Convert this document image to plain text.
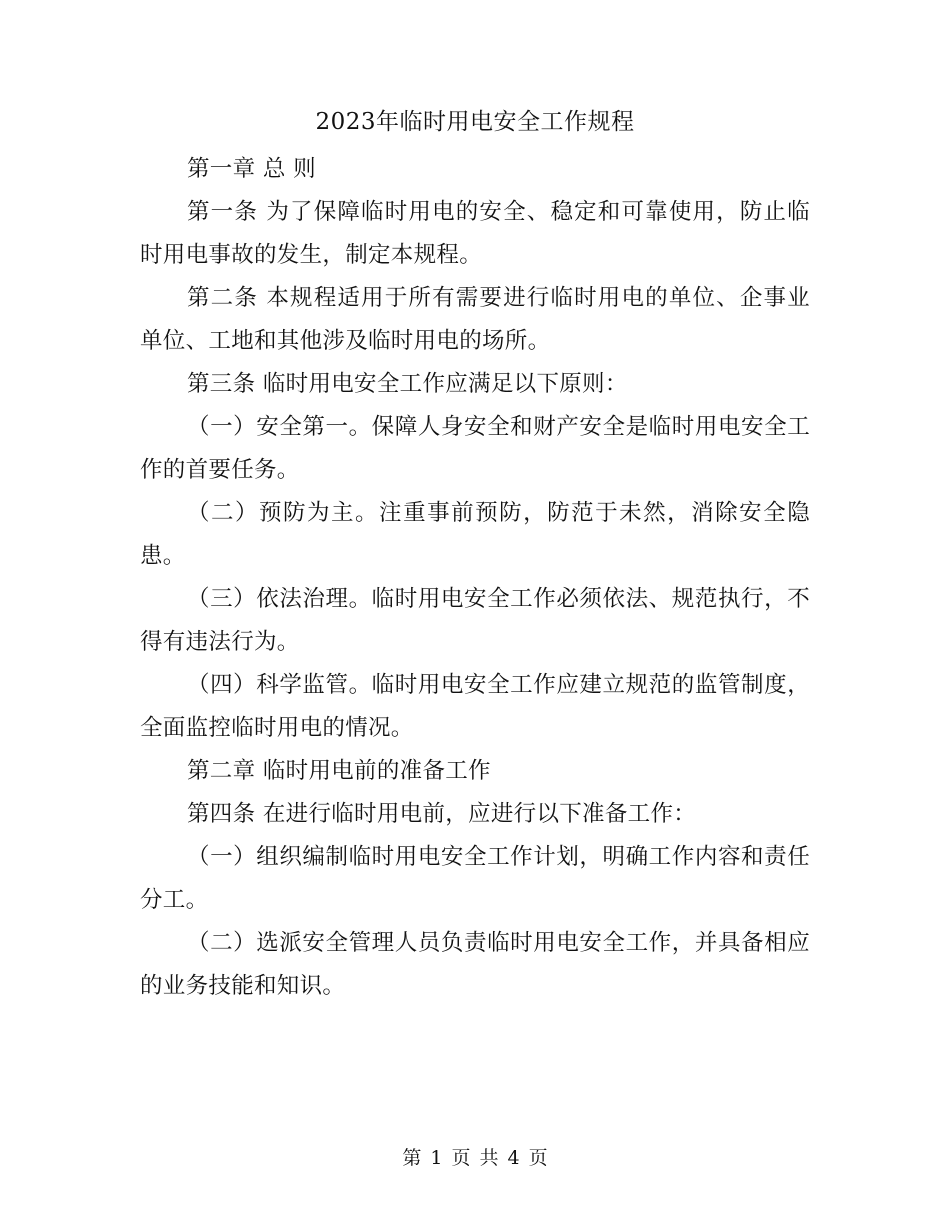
2023年临时用电安全工作规程

第一章 总 则

第一条 为了保障临时用电的安全、稳定和可靠使用，防止临时用电事故的发生，制定本规程。

第二条 本规程适用于所有需要进行临时用电的单位、企事业单位、工地和其他涉及临时用电的场所。

第三条 临时用电安全工作应满足以下原则：

（一）安全第一。保障人身安全和财产安全是临时用电安全工作的首要任务。

（二）预防为主。注重事前预防，防范于未然，消除安全隐患。

（三）依法治理。临时用电安全工作必须依法、规范执行，不得有违法行为。

（四）科学监管。临时用电安全工作应建立规范的监管制度，全面监控临时用电的情况。

第二章 临时用电前的准备工作

第四条 在进行临时用电前，应进行以下准备工作：

（一）组织编制临时用电安全工作计划，明确工作内容和责任分工。

（二）选派安全管理人员负责临时用电安全工作，并具备相应的业务技能和知识。

第 1 页 共 4 页
